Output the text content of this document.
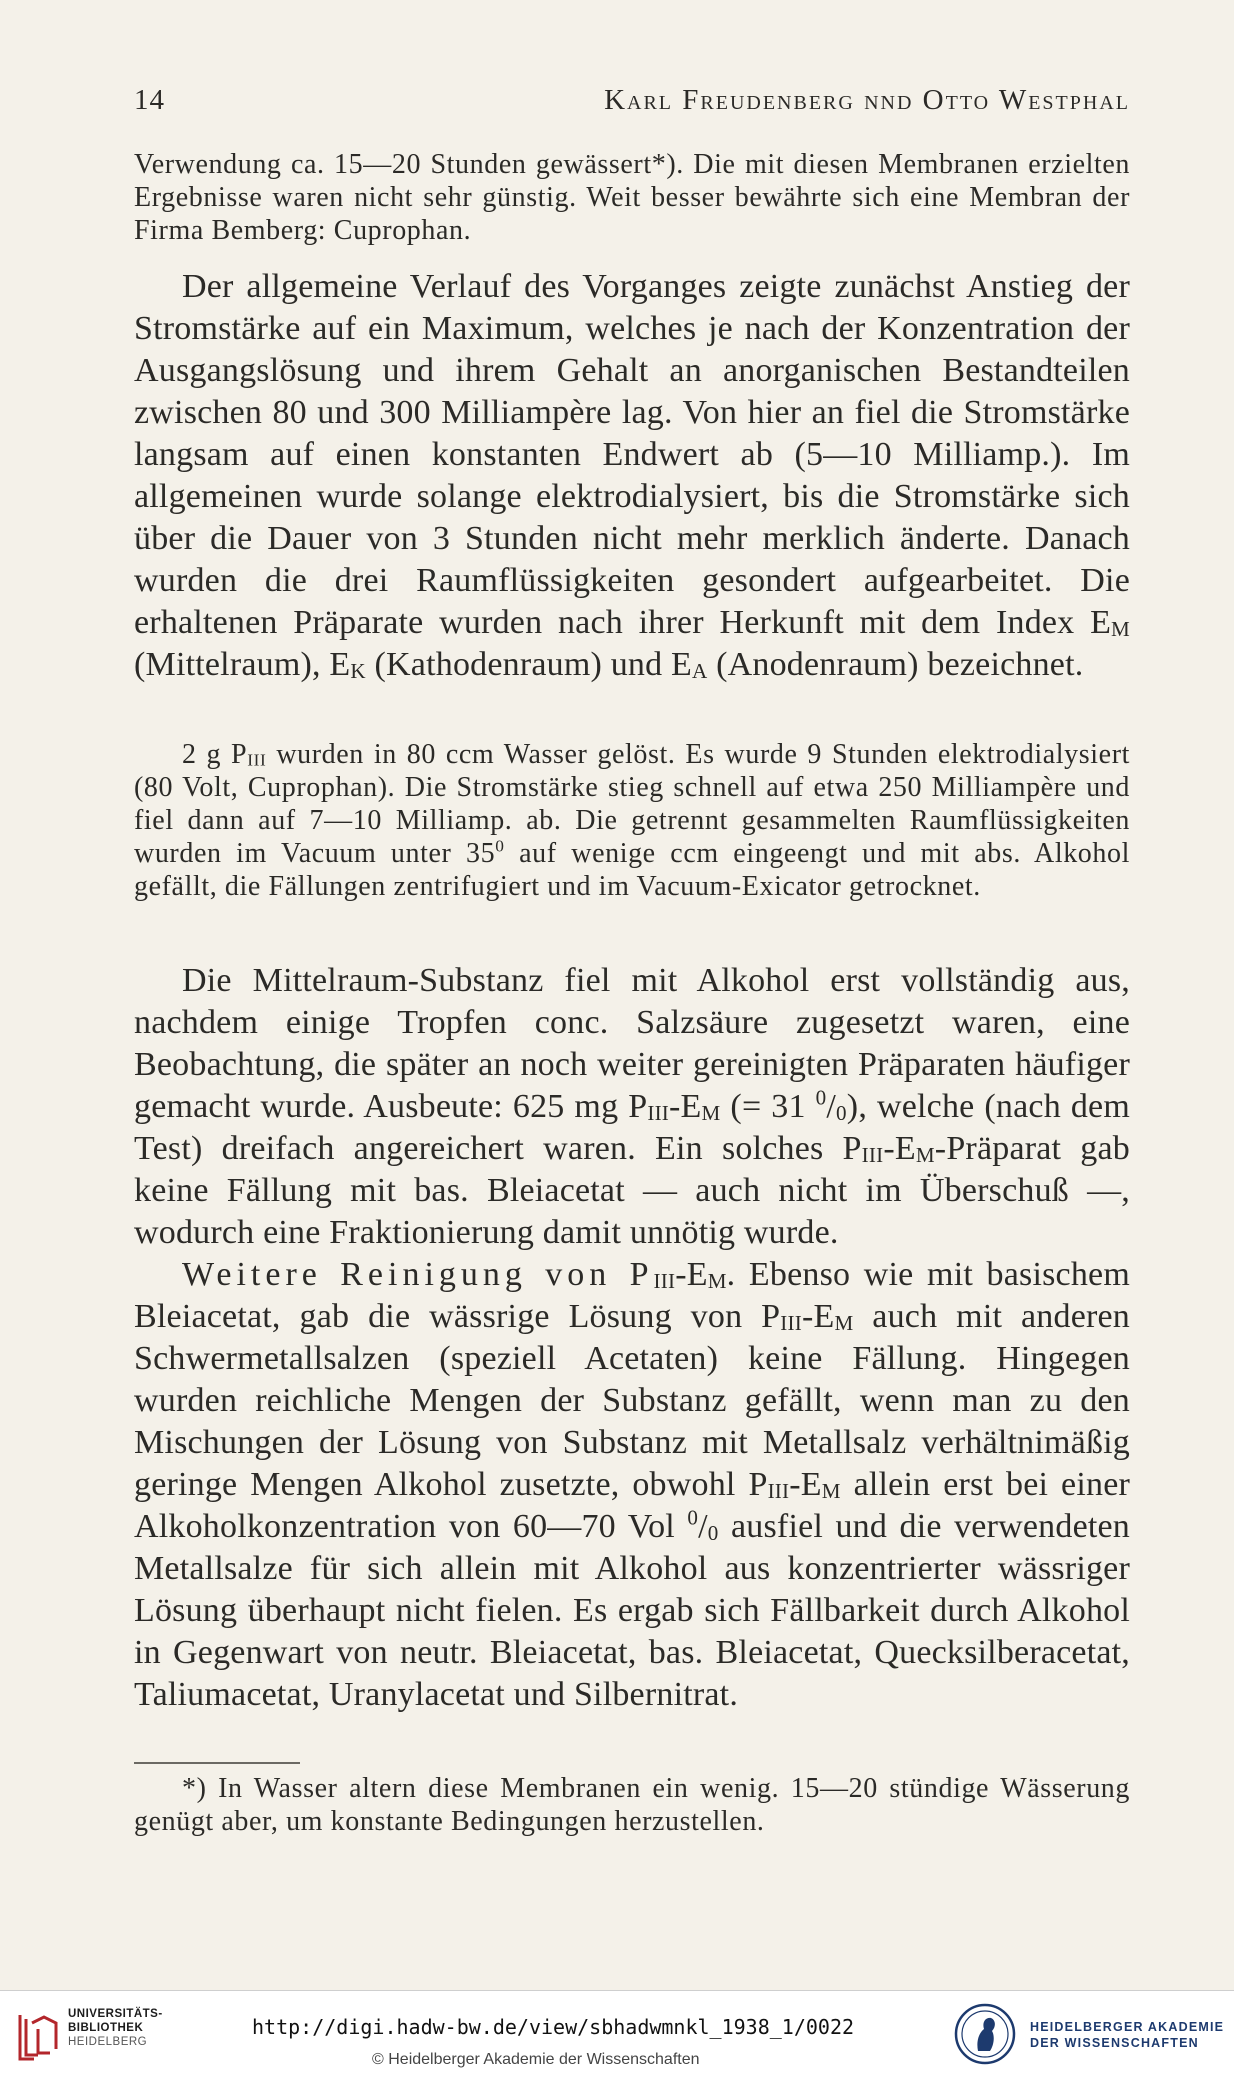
14	Karl Freudenberg nnd Otto Westphal
Verwendung ca. 15—20 Stunden gewässert*). Die mit diesen Membranen erzielten Ergebnisse waren nicht sehr günstig. Weit besser bewährte sich eine Membran der Firma Bemberg: Cuprophan.
Der allgemeine Verlauf des Vorganges zeigte zunächst Anstieg der Stromstärke auf ein Maximum, welches je nach der Konzentration der Ausgangslösung und ihrem Gehalt an anorganischen Bestandteilen zwischen 80 und 300 Milliampère lag. Von hier an fiel die Stromstärke langsam auf einen konstanten Endwert ab (5—10 Milliamp.). Im allgemeinen wurde solange elektrodialysiert, bis die Stromstärke sich über die Dauer von 3 Stunden nicht mehr merklich änderte. Danach wurden die drei Raumflüssigkeiten gesondert aufgearbeitet. Die erhaltenen Präparate wurden nach ihrer Herkunft mit dem Index $E_M$ (Mittelraum), $E_K$ (Kathodenraum) und $E_A$ (Anodenraum) bezeichnet.
2 g $P_{III}$ wurden in 80 ccm Wasser gelöst. Es wurde 9 Stunden elektrodialysiert (80 Volt, Cuprophan). Die Stromstärke stieg schnell auf etwa 250 Milliampère und fiel dann auf 7—10 Milliamp. ab. Die getrennt gesammelten Raumflüssigkeiten wurden im Vacuum unter $35^0$ auf wenige ccm eingeengt und mit abs. Alkohol gefällt, die Fällungen zentrifugiert und im Vacuum-Exicator getrocknet.
Die Mittelraum-Substanz fiel mit Alkohol erst vollständig aus, nachdem einige Tropfen conc. Salzsäure zugesetzt waren, eine Beobachtung, die später an noch weiter gereinigten Präparaten häufiger gemacht wurde. Ausbeute: 625 mg $P_{III}-E_M$ (= 31 $^0/_0$), welche (nach dem Test) dreifach angereichert waren. Ein solches $P_{III}-E_M$-Präparat gab keine Fällung mit bas. Bleiacetat — auch nicht im Überschuß —, wodurch eine Fraktionierung damit unnötig wurde.
Weitere Reinigung von $P_{III}-E_M$. Ebenso wie mit basischem Bleiacetat, gab die wässrige Lösung von $P_{III}-E_M$ auch mit anderen Schwermetallsalzen (speziell Acetaten) keine Fällung. Hingegen wurden reichliche Mengen der Substanz gefällt, wenn man zu den Mischungen der Lösung von Substanz mit Metallsalz verhältnimäßig geringe Mengen Alkohol zusetzte, obwohl $P_{III}-E_M$ allein erst bei einer Alkoholkonzentration von 60—70 Vol $^0/_0$ ausfiel und die verwendeten Metallsalze für sich allein mit Alkohol aus konzentrierter wässriger Lösung überhaupt nicht fielen. Es ergab sich Fällbarkeit durch Alkohol in Gegenwart von neutr. Bleiacetat, bas. Bleiacetat, Quecksilberacetat, Taliumacetat, Uranylacetat und Silbernitrat.
*) In Wasser altern diese Membranen ein wenig. 15—20 stündige Wässerung genügt aber, um konstante Bedingungen herzustellen.
UNIVERSITÄTS-
BIBLIOTHEK
HEIDELBERG
http://digi.hadw-bw.de/view/sbhadwmnkl_1938_1/0022
© Heidelberger Akademie der Wissenschaften
HEIDELBERGER AKADEMIE
DER WISSENSCHAFTEN
